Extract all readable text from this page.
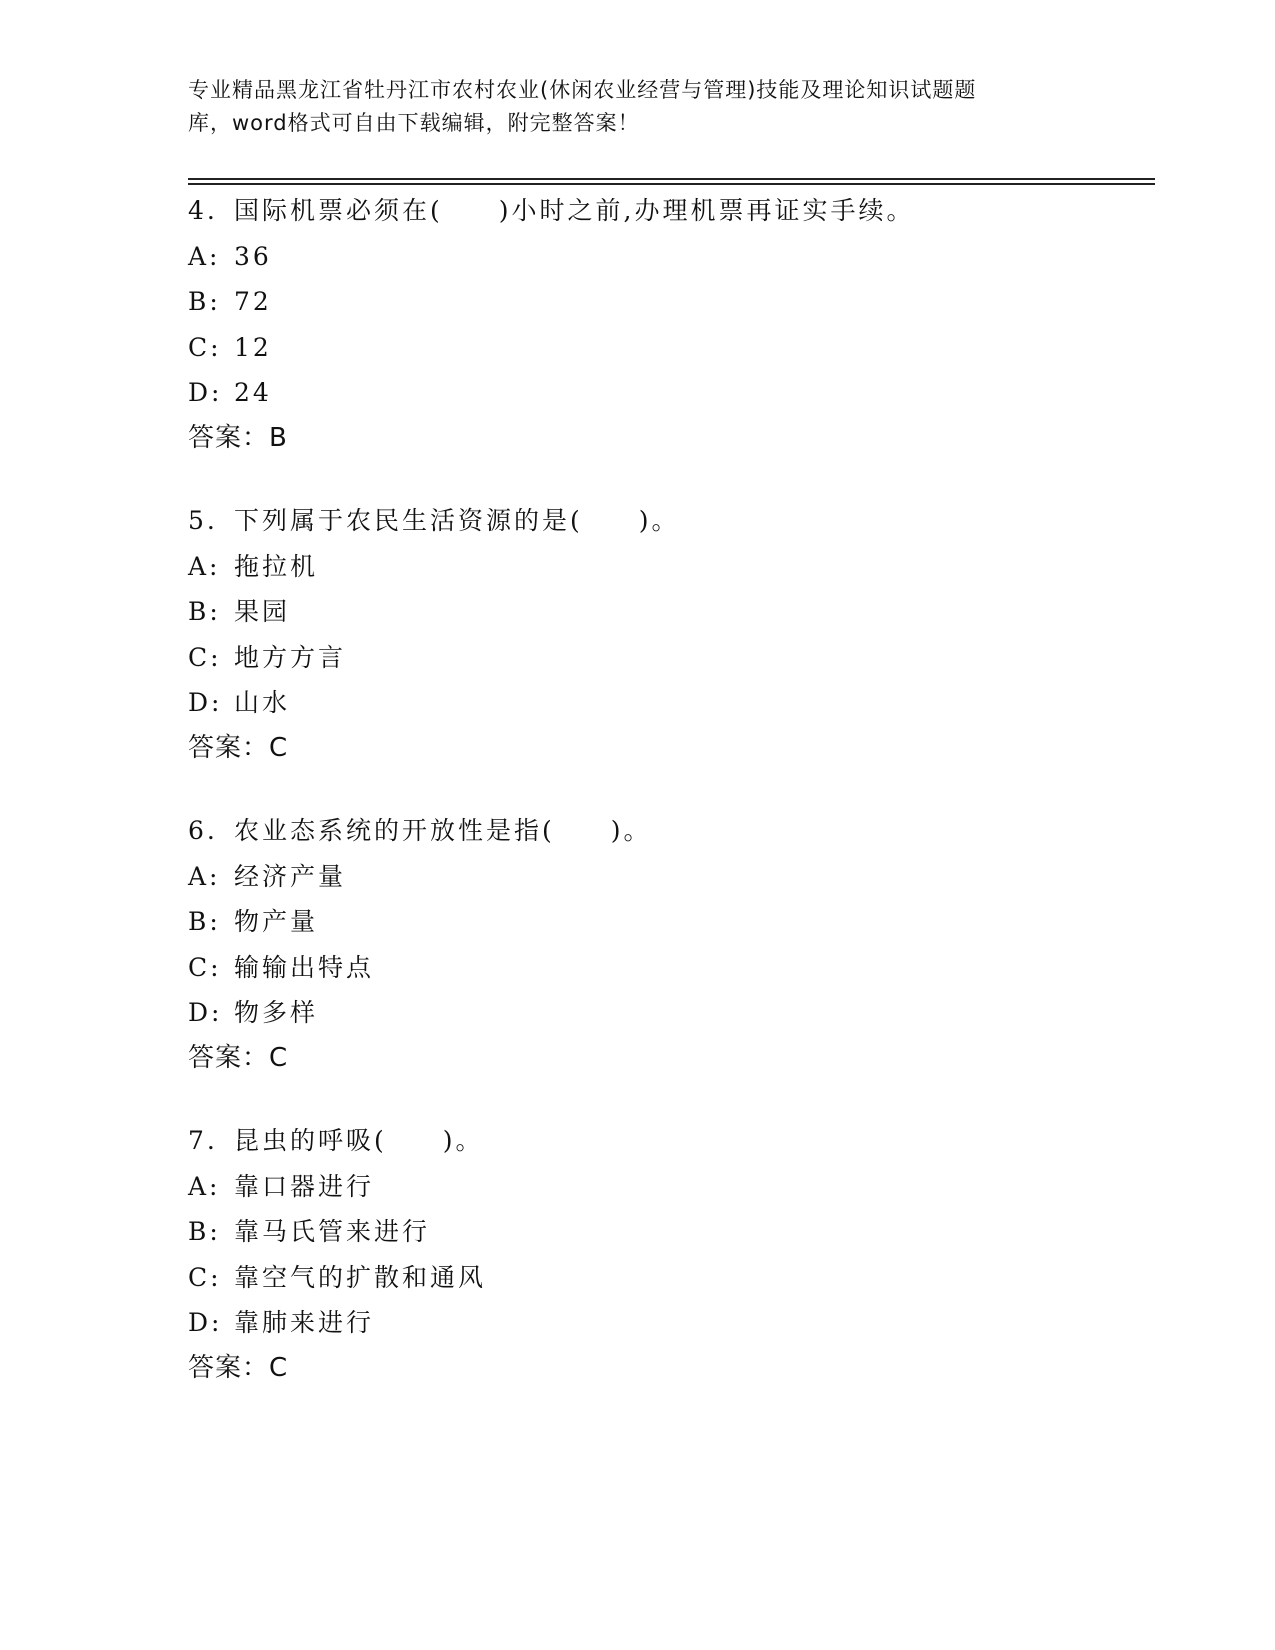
专业精品黑龙江省牡丹江市农村农业(休闲农业经营与管理)技能及理论知识试题题
库，word格式可自由下载编辑，附完整答案！
4. 国际机票必须在(　　)小时之前,办理机票再证实手续。
A: 36
B: 72
C: 12
D: 24
答案：B
5. 下列属于农民生活资源的是(　　)。
A: 拖拉机
B: 果园
C: 地方方言
D: 山水
答案：C
6. 农业态系统的开放性是指(　　)。
A: 经济产量
B: 物产量
C: 输输出特点
D: 物多样
答案：C
7. 昆虫的呼吸(　　)。
A: 靠口器进行
B: 靠马氏管来进行
C: 靠空气的扩散和通风
D: 靠肺来进行
答案：C
